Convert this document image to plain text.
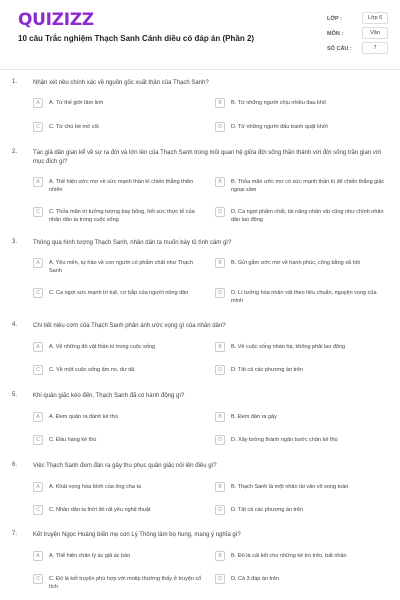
QUIZIZZ
10 câu Trắc nghiệm Thạch Sanh Cánh diều có đáp án (Phần 2)
LỚP :	Lớp 6
MÔN :	Văn
SỐ CÂU :	7
1.	Nhận xét nêu chính xác về nguồn gốc xuất thân của Thạch Sanh?
A	A. Từ thế giới tâm linh	B	B. Từ những người chịu nhiều đau khổ
C	C. Từ chú bé mồ côi	D	D. Từ những người đấu tranh quật khởi
2.	Tác giả dân gian kể về sự ra đời và lớn lên của Thạch Sanh trong mối quan hệ giữa đời sống thần thánh với đời sống trần gian với mục đích gì?
A	A. Thể hiện ước mơ về sức mạnh thần kì chiến thắng thiên nhiên
B	B. Thỏa mãn ước mơ có sức mạnh thần kì để chiến thắng giặc ngoại xâm
C	C. Thỏa mãn trí tưởng tượng bay bổng, hết sức thực tế của nhân dân ta trong cuộc sống
D	D. Ca ngợi phẩm chất, tài năng nhân vật cũng như chính nhân dân lao động
3.	Thông qua hình tượng Thạch Sanh, nhân dân ta muốn bày tỏ tình cảm gì?
A	A. Yêu mến, tự hào về con người có phẩm chất như Thạch Sanh
B	B. Gửi gắm ước mơ về hạnh phúc, công bằng xã hội
C	C. Ca ngợi sức mạnh trí tuệ, cơ bắp của người nông dân	D	D. Lí tưởng hóa nhân vật theo tiêu chuẩn, nguyện vọng của mình
4.	Chi tiết niêu cơm của Thạch Sanh phản ánh ước vọng gì của nhân dân?
A	A. Về những đồ vật thần kì trong cuộc sống	B	B. Về cuộc sống nhàn hạ, không phải lao động
C	C. Về một cuộc sống ấm no, dư dả	D	D. Tất cả các phương án trên
5.	Khi quân giặc kéo đến, Thạch Sanh đã có hành động gì?
A	A. Đem quân ra đánh kẻ thù	B	B. Đem đàn ra gảy
C	C. Đầu hàng kẻ thù	D	D. Xây tường thành ngăn bước chân kẻ thù
6.	Việc Thạch Sanh đem đàn ra gảy thu phục quân giặc nói lên điều gì?
A	A. Khát vọng hòa bình của ông cha ta	B	B. Thạch Sanh là một nhân tài văn võ song toàn
C	C. Nhân dân ta thời đó rất yêu nghệ thuật	D	D. Tất cả các phương án trên
7.	Kết truyện Ngọc Hoàng biến mẹ con Lý Thông làm bọ hung, mang ý nghĩa gì?
A	A. Thể hiện chân lý ác giả ác báo	B	B. Đó là cái kết cho những kẻ tro trẽo, bất nhân
C	C. Đó là kết truyện phù hợp với motip thường thấy ở truyện cổ tích
D	D. Cả 3 đáp án trên
